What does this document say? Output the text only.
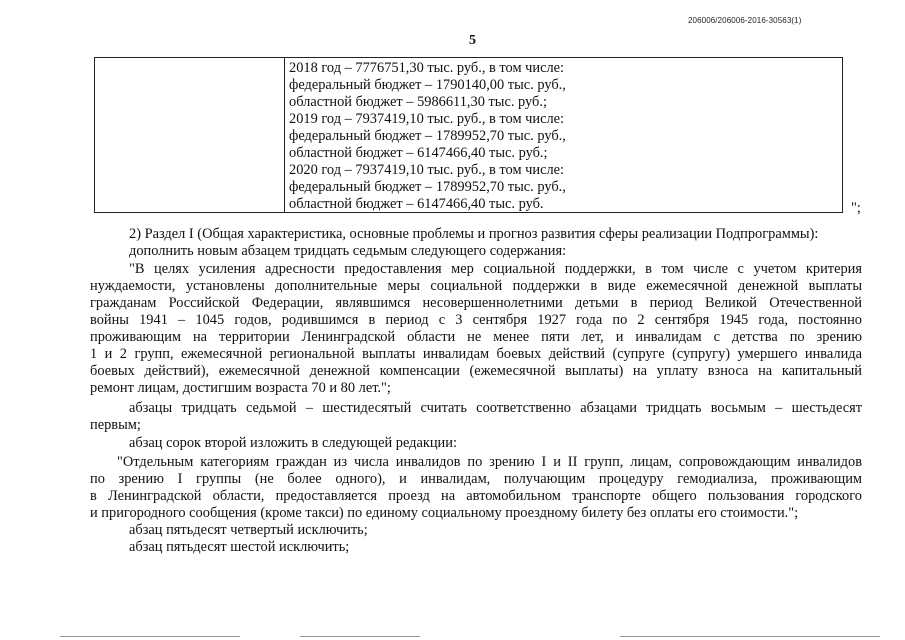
206006/206006-2016-30563(1)
5
2018 год – 7776751,30 тыс. руб., в том числе:
федеральный бюджет – 1790140,00 тыс. руб.,
областной бюджет – 5986611,30 тыс. руб.;
2019 год – 7937419,10 тыс. руб., в том числе:
федеральный бюджет – 1789952,70 тыс. руб.,
областной бюджет – 6147466,40 тыс. руб.;
2020 год – 7937419,10 тыс. руб., в том числе:
федеральный бюджет – 1789952,70 тыс. руб.,
областной бюджет – 6147466,40 тыс. руб.	";
2) Раздел I (Общая характеристика, основные проблемы и прогноз развития сферы реализации Подпрограммы):
дополнить новым абзацем тридцать седьмым следующего содержания:
"В целях усиления адресности предоставления мер социальной поддержки, в том числе с учетом критерия
нуждаемости, установлены дополнительные меры социальной поддержки в виде ежемесячной денежной выплаты
гражданам Российской Федерации, являвшимся несовершеннолетними детьми в период Великой Отечественной
войны 1941 – 1045 годов, родившимся в период с 3 сентября 1927 года по 2 сентября 1945 года, постоянно
проживающим на территории Ленинградской области не менее пяти лет, и инвалидам с детства по зрению
1 и 2 групп, ежемесячной региональной выплаты инвалидам боевых действий (супруге (супругу) умершего инвалида
боевых действий), ежемесячной денежной компенсации (ежемесячной выплаты) на уплату взноса на капитальный
ремонт лицам, достигшим возраста 70 и 80 лет.";
абзацы тридцать седьмой – шестидесятый считать соответственно абзацами тридцать восьмым – шестьдесят
первым;
абзац сорок второй изложить в следующей редакции:
"Отдельным категориям граждан из числа инвалидов по зрению I и II групп, лицам, сопровождающим инвалидов
по зрению I группы (не более одного), и инвалидам, получающим процедуру гемодиализа, проживающим
в Ленинградской области, предоставляется проезд на автомобильном транспорте общего пользования городского
и пригородного сообщения (кроме такси) по единому социальному проездному билету без оплаты его стоимости.";
абзац пятьдесят четвертый исключить;
абзац пятьдесят шестой исключить;
